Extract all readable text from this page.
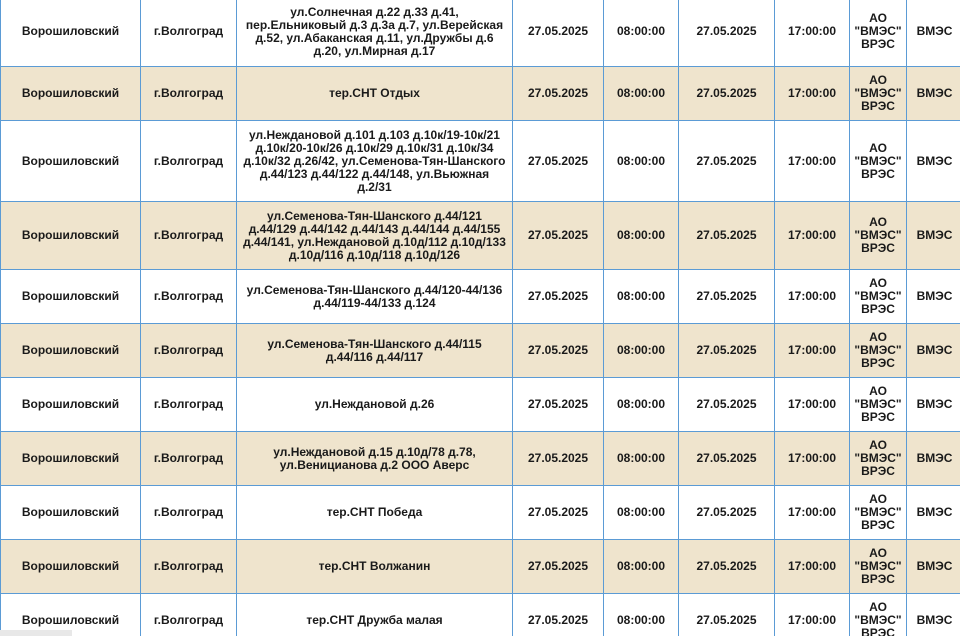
Ворошиловский	г.Волгоград	ул.Солнечная д.22 д.33 д.41, пер.Ельниковый д.3 д.3а д.7, ул.Верейская д.52, ул.Абаканская д.11, ул.Дружбы д.6 д.20, ул.Мирная д.17	27.05.2025	08:00:00	27.05.2025	17:00:00	АО "ВМЭС" ВРЭС	ВМЭС
Ворошиловский	г.Волгоград	тер.СНТ Отдых	27.05.2025	08:00:00	27.05.2025	17:00:00	АО "ВМЭС" ВРЭС	ВМЭС
Ворошиловский	г.Волгоград	ул.Неждановой д.101 д.103 д.10к/19-10к/21 д.10к/20-10к/26 д.10к/29 д.10к/31 д.10к/34 д.10к/32 д.26/42, ул.Семенова-Тян-Шанского д.44/123 д.44/122 д.44/148, ул.Вьюжная д.2/31	27.05.2025	08:00:00	27.05.2025	17:00:00	АО "ВМЭС" ВРЭС	ВМЭС
Ворошиловский	г.Волгоград	ул.Семенова-Тян-Шанского д.44/121 д.44/129 д.44/142 д.44/143 д.44/144 д.44/155 д.44/141, ул.Неждановой д.10д/112 д.10д/133 д.10д/116 д.10д/118 д.10д/126	27.05.2025	08:00:00	27.05.2025	17:00:00	АО "ВМЭС" ВРЭС	ВМЭС
Ворошиловский	г.Волгоград	ул.Семенова-Тян-Шанского д.44/120-44/136 д.44/119-44/133 д.124	27.05.2025	08:00:00	27.05.2025	17:00:00	АО "ВМЭС" ВРЭС	ВМЭС
Ворошиловский	г.Волгоград	ул.Семенова-Тян-Шанского д.44/115 д.44/116 д.44/117	27.05.2025	08:00:00	27.05.2025	17:00:00	АО "ВМЭС" ВРЭС	ВМЭС
Ворошиловский	г.Волгоград	ул.Неждановой д.26	27.05.2025	08:00:00	27.05.2025	17:00:00	АО "ВМЭС" ВРЭС	ВМЭС
Ворошиловский	г.Волгоград	ул.Неждановой д.15 д.10д/78 д.78, ул.Веницианова д.2 ООО Аверс	27.05.2025	08:00:00	27.05.2025	17:00:00	АО "ВМЭС" ВРЭС	ВМЭС
Ворошиловский	г.Волгоград	тер.СНТ Победа	27.05.2025	08:00:00	27.05.2025	17:00:00	АО "ВМЭС" ВРЭС	ВМЭС
Ворошиловский	г.Волгоград	тер.СНТ Волжанин	27.05.2025	08:00:00	27.05.2025	17:00:00	АО "ВМЭС" ВРЭС	ВМЭС
Ворошиловский	г.Волгоград	тер.СНТ Дружба малая	27.05.2025	08:00:00	27.05.2025	17:00:00	АО "ВМЭС" ВРЭС	ВМЭС
